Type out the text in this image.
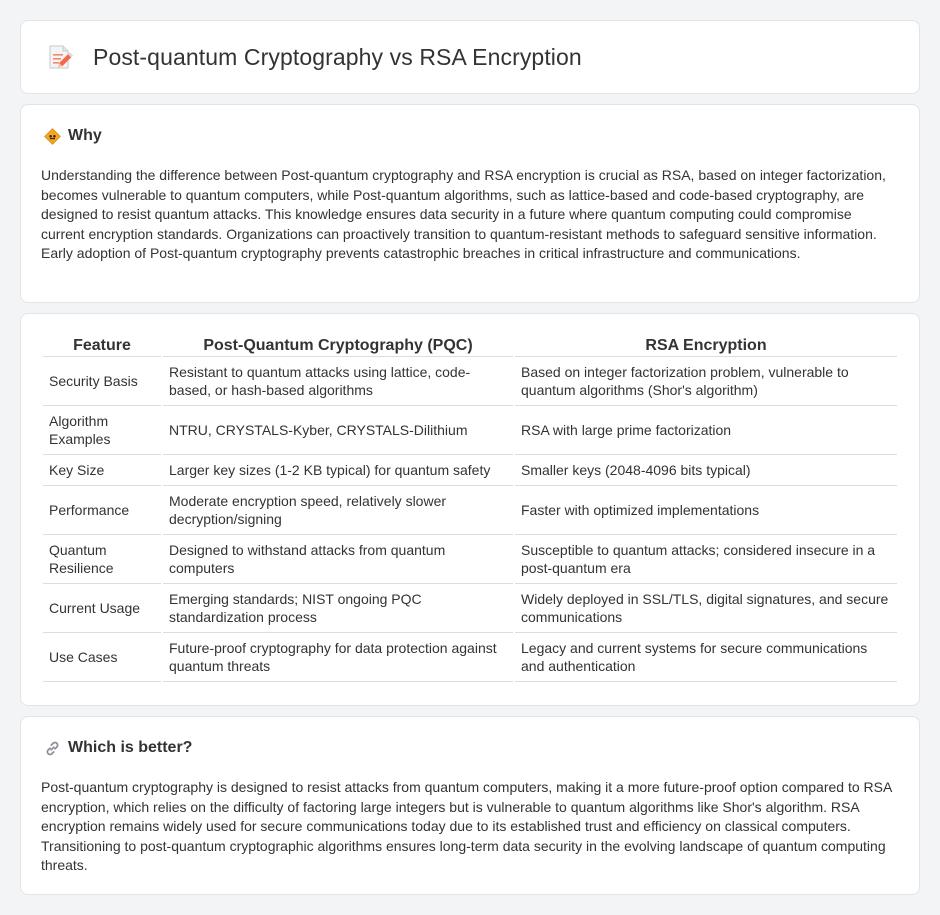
Post-quantum Cryptography vs RSA Encryption
Why

Understanding the difference between Post-quantum cryptography and RSA encryption is crucial as RSA, based on integer factorization, becomes vulnerable to quantum computers, while Post-quantum algorithms, such as lattice-based and code-based cryptography, are designed to resist quantum attacks. This knowledge ensures data security in a future where quantum computing could compromise current encryption standards. Organizations can proactively transition to quantum-resistant methods to safeguard sensitive information. Early adoption of Post-quantum cryptography prevents catastrophic breaches in critical infrastructure and communications.

Feature	Post-Quantum Cryptography (PQC)	RSA Encryption
Security Basis	Resistant to quantum attacks using lattice, code-based, or hash-based algorithms	Based on integer factorization problem, vulnerable to quantum algorithms (Shor's algorithm)
Algorithm Examples	NTRU, CRYSTALS-Kyber, CRYSTALS-Dilithium	RSA with large prime factorization
Key Size	Larger key sizes (1-2 KB typical) for quantum safety	Smaller keys (2048-4096 bits typical)
Performance	Moderate encryption speed, relatively slower decryption/signing	Faster with optimized implementations
Quantum Resilience	Designed to withstand attacks from quantum computers	Susceptible to quantum attacks; considered insecure in a post-quantum era
Current Usage	Emerging standards; NIST ongoing PQC standardization process	Widely deployed in SSL/TLS, digital signatures, and secure communications
Use Cases	Future-proof cryptography for data protection against quantum threats	Legacy and current systems for secure communications and authentication
Which is better?

Post-quantum cryptography is designed to resist attacks from quantum computers, making it a more future-proof option compared to RSA encryption, which relies on the difficulty of factoring large integers but is vulnerable to quantum algorithms like Shor's algorithm. RSA encryption remains widely used for secure communications today due to its established trust and efficiency on classical computers. Transitioning to post-quantum cryptographic algorithms ensures long-term data security in the evolving landscape of quantum computing threats.
